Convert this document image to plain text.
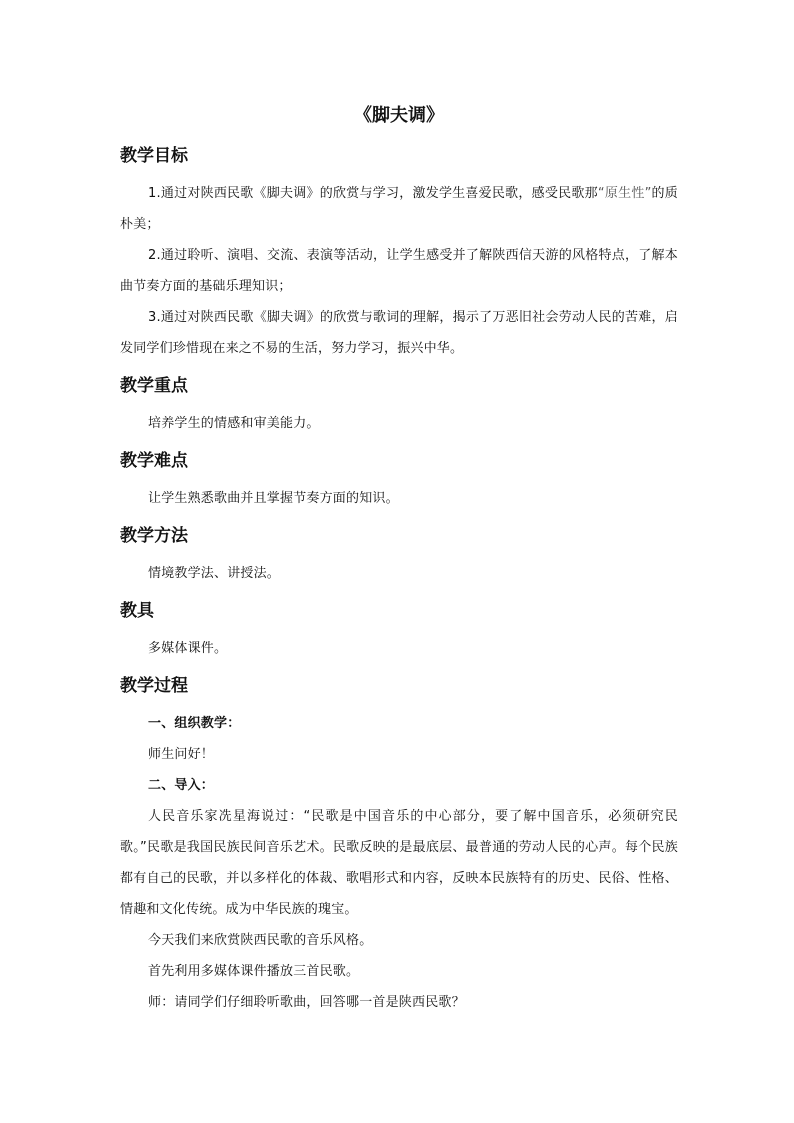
《脚夫调》
教学目标

1.通过对陕西民歌《脚夫调》的欣赏与学习，激发学生喜爱民歌，感受民歌那“原生性”的质朴美；

2.通过聆听、演唱、交流、表演等活动，让学生感受并了解陕西信天游的风格特点，了解本曲节奏方面的基础乐理知识；

3.通过对陕西民歌《脚夫调》的欣赏与歌词的理解，揭示了万恶旧社会劳动人民的苦难，启发同学们珍惜现在来之不易的生活，努力学习，振兴中华。

教学重点

培养学生的情感和审美能力。

教学难点

让学生熟悉歌曲并且掌握节奏方面的知识。

教学方法

情境教学法、讲授法。

教具

多媒体课件。

教学过程

一、组织教学：

师生问好！

二、导入：

人民音乐家冼星海说过：“民歌是中国音乐的中心部分，要了解中国音乐，必须研究民歌。”民歌是我国民族民间音乐艺术。民歌反映的是最底层、最普通的劳动人民的心声。每个民族都有自己的民歌，并以多样化的体裁、歌唱形式和内容，反映本民族特有的历史、民俗、性格、情趣和文化传统。成为中华民族的瑰宝。

今天我们来欣赏陕西民歌的音乐风格。

首先利用多媒体课件播放三首民歌。

师：请同学们仔细聆听歌曲，回答哪一首是陕西民歌？
